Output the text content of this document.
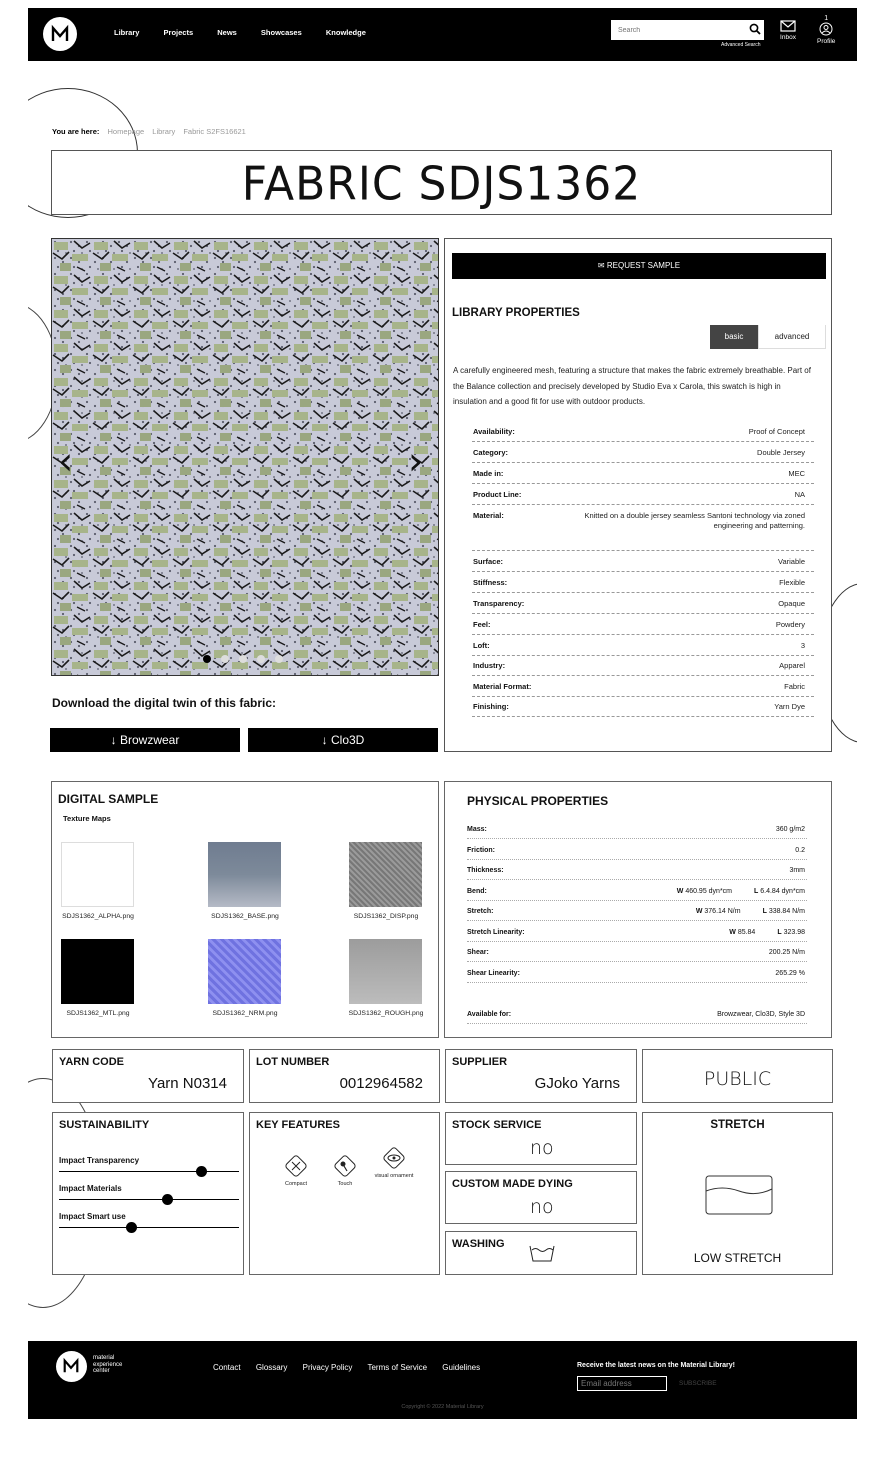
Library	Projects	News	Showcases	Knowledge
Search
Advanced Search
Inbox
1
Profile
You are here: Homepage Library Fabric S2FS16621
FABRIC SDJS1362
‹	›
Download the digital twin of this fabric:
↓ Browzwear	↓ Clo3D
✉ REQUEST SAMPLE
LIBRARY PROPERTIES
basic	advanced
A carefully engineered mesh, featuring a structure that makes the fabric extremely breathable. Part of the Balance collection and precisely developed by Studio Eva x Carola, this swatch is high in insulation and a good fit for use with outdoor products.
Availability:	Proof of Concept
Category:	Double Jersey
Made in:	MEC
Product Line:	NA
Material:	Knitted on a double jersey seamless Santoni technology via zoned engineering and patterning.
Surface:	Variable
Stiffness:	Flexible
Transparency:	Opaque
Feel:	Powdery
Loft:	3
Industry:	Apparel
Material Format:	Fabric
Finishing:	Yarn Dye
DIGITAL SAMPLE
Texture Maps
SDJS1362_ALPHA.png	SDJS1362_BASE.png	SDJS1362_DISP.png
SDJS1362_MTL.png	SDJS1362_NRM.png	SDJS1362_ROUGH.png
PHYSICAL PROPERTIES
Mass:	360 g/m2
Friction:	0.2
Thickness:	3mm
Bend:	W 460.95 dyn*cm	L 6.4.84 dyn*cm
Stretch:	W 376.14 N/m	L 338.84 N/m
Stretch Linearity:	W 85.84	L 323.98
Shear:	200.25 N/m
Shear Linearity:	265.29 %
Available for:	Browzwear, Clo3D, Style 3D
YARN CODE
Yarn N0314
LOT NUMBER
0012964582
SUPPLIER
GJoko Yarns	PUBLIC
SUSTAINABILITY
Impact Transparency
Impact Materials
Impact Smart use
KEY FEATURES
Compact	Touch
visual ornament
STOCK SERVICE
no
CUSTOM MADE DYING
no
WASHING
STRETCH
LOW STRETCH
material
experience
center	Contact Glossary Privacy Policy Terms of Service Guidelines	Receive the latest news on the Material Library!
Email address
SUBSCRIBE
Copyright © 2022 Material Library
